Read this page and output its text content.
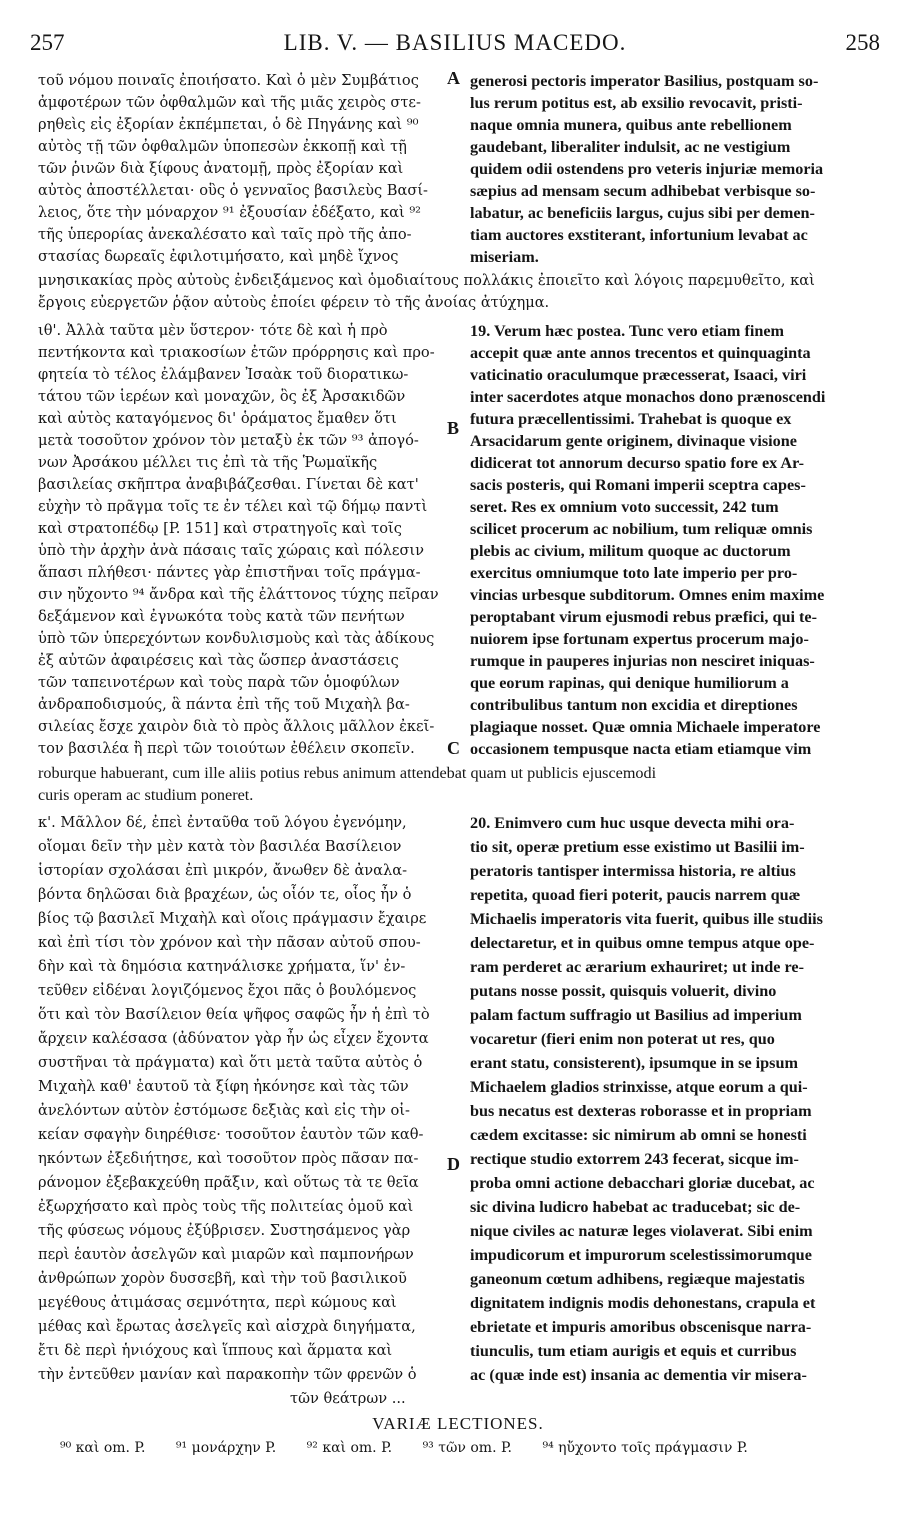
257	LIB. V. — BASILIUS MACEDO.	258
τοῦ νόμου ποιναῖς ἐποιήσατο. Καὶ ὁ μὲν Συμβάτιος
ἀμφοτέρων τῶν ὀφθαλμῶν καὶ τῆς μιᾶς χειρὸς στε-
ρηθεὶς εἰς ἐξορίαν ἐκπέμπεται, ὁ δὲ Πηγάνης καὶ ⁹⁰
αὐτὸς τῇ τῶν ὀφθαλμῶν ὑποπεσὼν ἐκκοπῇ καὶ τῇ
τῶν ῥινῶν διὰ ξίφους ἀνατομῇ, πρὸς ἐξορίαν καὶ
αὐτὸς ἀποστέλλεται· οὓς ὁ γενναῖος βασιλεὺς Βασί-
λειος, ὅτε τὴν μόναρχον ⁹¹ ἐξουσίαν ἐδέξατο, καὶ ⁹²
τῆς ὑπερορίας ἀνεκαλέσατο καὶ ταῖς πρὸ τῆς ἀπο-
στασίας δωρεαῖς ἐφιλοτιμήσατο, καὶ μηδὲ ἴχνος
A generosi pectoris imperator Basilius, postquam so-
lus rerum potitus est, ab exsilio revocavit, pristi-
naque omnia munera, quibus ante rebellionem
gaudebant, liberaliter indulsit, ac ne vestigium
quidem odii ostendens pro veteris injuriæ memoria
sæpius ad mensam secum adhibebat verbisque so-
labatur, ac beneficiis largus, cujus sibi per demen-
tiam auctores exstiterant, infortunium levabat ac
miseriam.
μνησικακίας πρὸς αὐτοὺς ἐνδειξάμενος καὶ ὁμοδιαίτους πολλάκις ἐποιεῖτο καὶ λόγοις παρεμυθεῖτο, καὶ
ἔργοις εὐεργετῶν ῥᾷον αὐτοὺς ἐποίει φέρειν τὸ τῆς ἀνοίας ἀτύχημα.
ιθ'. Ἀλλὰ ταῦτα μὲν ὕστερον· τότε δὲ καὶ ἡ πρὸ
πεντήκοντα καὶ τριακοσίων ἐτῶν πρόρρησις καὶ προ-
φητεία τὸ τέλος ἐλάμβανεν Ἰσαὰκ τοῦ διορατικω-
τάτου τῶν ἱερέων καὶ μοναχῶν, ὃς ἐξ Ἀρσακιδῶν
καὶ αὐτὸς καταγόμενος δι' ὁράματος ἔμαθεν ὅτι
μετὰ τοσοῦτον χρόνον τὸν μεταξὺ ἐκ τῶν ⁹³ ἀπογό-
νων Ἀρσάκου μέλλει τις ἐπὶ τὰ τῆς Ῥωμαϊκῆς
βασιλείας σκῆπτρα ἀναβιβάζεσθαι. Γίνεται δὲ κατ'
εὐχὴν τὸ πρᾶγμα τοῖς τε ἐν τέλει καὶ τῷ δήμῳ παντὶ
καὶ στρατοπέδῳ [P. 151] καὶ στρατηγοῖς καὶ τοῖς
ὑπὸ τὴν ἀρχὴν ἀνὰ πάσαις ταῖς χώραις καὶ πόλεσιν
ἅπασι πλήθεσι· πάντες γὰρ ἐπιστῆναι τοῖς πράγμα-
σιν ηὔχοντο ⁹⁴ ἄνδρα καὶ τῆς ἐλάττονος τύχης πεῖραν
δεξάμενον καὶ ἐγνωκότα τοὺς κατὰ τῶν πενήτων
ὑπὸ τῶν ὑπερεχόντων κονδυλισμοὺς καὶ τὰς ἀδίκους
ἐξ αὐτῶν ἀφαιρέσεις καὶ τὰς ὥσπερ ἀναστάσεις
τῶν ταπεινοτέρων καὶ τοὺς παρὰ τῶν ὁμοφύλων
ἀνδραποδισμούς, ἃ πάντα ἐπὶ τῆς τοῦ Μιχαὴλ βα-
σιλείας ἔσχε χαιρὸν διὰ τὸ πρὸς ἄλλοις μᾶλλον ἐκεῖ-
τον βασιλέα ἢ περὶ τῶν τοιούτων ἐθέλειν σκοπεῖν.
B
C
19. Verum hæc postea. Tunc vero etiam finem
accepit quæ ante annos trecentos et quinquaginta
vaticinatio oraculumque præcesserat, Isaaci, viri
inter sacerdotes atque monachos dono prænoscendi
futura præcellentissimi. Trahebat is quoque ex
Arsacidarum gente originem, divinaque visione
didicerat tot annorum decurso spatio fore ex Ar-
sacis posteris, qui Romani imperii sceptra capes-
seret. Res ex omnium voto successit, 242 tum
scilicet procerum ac nobilium, tum reliquæ omnis
plebis ac civium, militum quoque ac ductorum
exercitus omniumque toto late imperio per pro-
vincias urbesque subditorum. Omnes enim maxime
peroptabant virum ejusmodi rebus præfici, qui te-
nuiorem ipse fortunam expertus procerum majo-
rumque in pauperes injurias non nesciret iniquas-
que eorum rapinas, qui denique humiliorum a
contribulibus tantum non excidia et direptiones
plagiaque nosset. Quæ omnia Michaele imperatore
occasionem tempusque nacta etiam etiamque vim
roburque habuerant, cum ille aliis potius rebus animum attendebat quam ut publicis ejuscemodi
curis operam ac studium poneret.
κ'. Μᾶλλον δέ, ἐπεὶ ἐνταῦθα τοῦ λόγου ἐγενόμην,
οἴομαι δεῖν τὴν μὲν κατὰ τὸν βασιλέα Βασίλειον
ἱστορίαν σχολάσαι ἐπὶ μικρόν, ἄνωθεν δὲ ἀναλα-
βόντα δηλῶσαι διὰ βραχέων, ὡς οἷόν τε, οἷος ἦν ὁ
βίος τῷ βασιλεῖ Μιχαὴλ καὶ οἵοις πράγμασιν ἔχαιρε
καὶ ἐπὶ τίσι τὸν χρόνον καὶ τὴν πᾶσαν αὐτοῦ σπου-
δὴν καὶ τὰ δημόσια κατηνάλισκε χρήματα, ἵν' ἐν-
τεῦθεν εἰδέναι λογιζόμενος ἔχοι πᾶς ὁ βουλόμενος
ὅτι καὶ τὸν Βασίλειον θεία ψῆφος σαφῶς ἦν ἡ ἐπὶ τὸ
ἄρχειν καλέσασα (ἀδύνατον γὰρ ἦν ὡς εἶχεν ἔχοντα
συστῆναι τὰ πράγματα) καὶ ὅτι μετὰ ταῦτα αὐτὸς ὁ
Μιχαὴλ καθ' ἑαυτοῦ τὰ ξίφη ἠκόνησε καὶ τὰς τῶν
ἀνελόντων αὐτὸν ἐστόμωσε δεξιὰς καὶ εἰς τὴν οἰ-
κείαν σφαγὴν διηρέθισε· τοσοῦτον ἑαυτὸν τῶν καθ-
ηκόντων ἐξεδιήτησε, καὶ τοσοῦτον πρὸς πᾶσαν πα-
ράνομον ἐξεβακχεύθη πρᾶξιν, καὶ οὕτως τὰ τε θεῖα
ἐξωρχήσατο καὶ πρὸς τοὺς τῆς πολιτείας ὁμοῦ καὶ
τῆς φύσεως νόμους ἐξύβρισεν. Συστησάμενος γὰρ
περὶ ἑαυτὸν ἀσελγῶν καὶ μιαρῶν καὶ παμπονήρων
ἀνθρώπων χορὸν δυσσεβῆ, καὶ τὴν τοῦ βασιλικοῦ
μεγέθους ἀτιμάσας σεμνότητα, περὶ κώμους καὶ
μέθας καὶ ἔρωτας ἀσελγεῖς καὶ αἰσχρὰ διηγήματα,
ἔτι δὲ περὶ ἡνιόχους καὶ ἵππους καὶ ἅρματα καὶ
τὴν ἐντεῦθεν μανίαν καὶ παρακοπὴν τῶν φρενῶν ὁ
D
20. Enimvero cum huc usque devecta mihi ora-
tio sit, operæ pretium esse existimo ut Basilii im-
peratoris tantisper intermissa historia, re altius
repetita, quoad fieri poterit, paucis narrem quæ
Michaelis imperatoris vita fuerit, quibus ille studiis
delectaretur, et in quibus omne tempus atque ope-
ram perderet ac ærarium exhauriret; ut inde re-
putans nosse possit, quisquis voluerit, divino
palam factum suffragio ut Basilius ad imperium
vocaretur (fieri enim non poterat ut res, quo
erant statu, consisterent), ipsumque in se ipsum
Michaelem gladios strinxisse, atque eorum a qui-
bus necatus est dexteras roborasse et in propriam
cædem excitasse: sic nimirum ab omni se honesti
rectique studio extorrem 243 fecerat, sicque im-
proba omni actione debacchari gloriæ ducebat, ac
sic divina ludicro habebat ac traducebat; sic de-
nique civiles ac naturæ leges violaverat. Sibi enim
impudicorum et impurorum scelestissimorumque
ganeonum cœtum adhibens, regiæque majestatis
dignitatem indignis modis dehonestans, crapula et
ebrietate et impuris amoribus obscenisque narra-
tiunculis, tum etiam aurigis et equis et curribus
ac (quæ inde est) insania ac dementia vir misera-
τῶν θεάτρων ...
VARIÆ LECTIONES.
⁹⁰ καὶ om. P. ⁹¹ μονάρχην P. ⁹² καὶ om. P. ⁹³ τῶν om. P. ⁹⁴ ηὔχοντο τοῖς πράγμασιν P.
